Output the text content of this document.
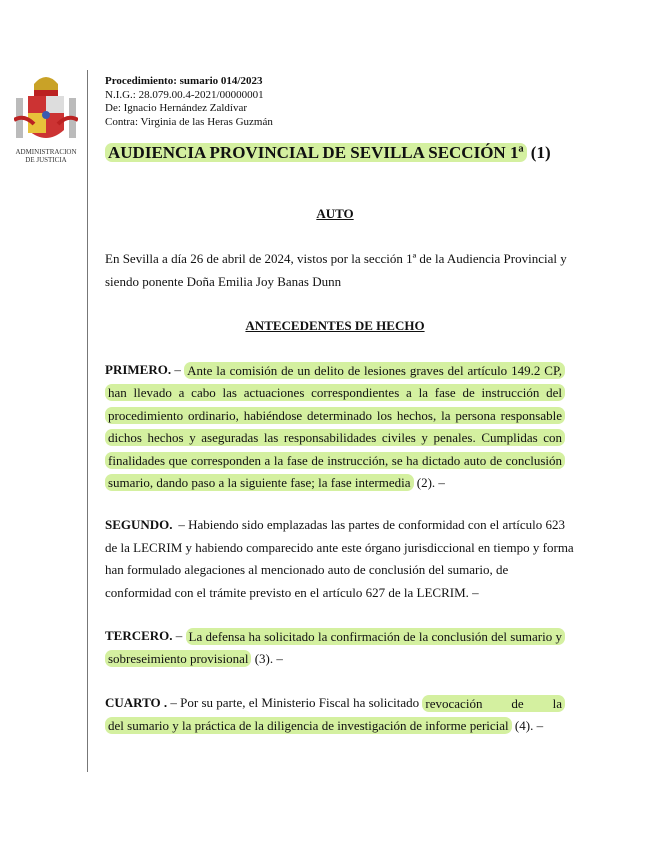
ADMINISTRACION
DE JUSTICIA
Procedimiento: sumario 014/2023
N.I.G.: 28.079.00.4-2021/00000001
De: Ignacio Hernández Zaldívar
Contra: Virginia de las Heras Guzmán
AUDIENCIA PROVINCIAL DE SEVILLA SECCIÓN 1ª (1)
AUTO
En Sevilla a día 26 de abril de 2024, vistos por la sección 1ª de la Audiencia Provincial y
siendo ponente Doña Emilia Joy Banas Dunn
ANTECEDENTES DE HECHO
PRIMERO. – Ante la comisión de un delito de lesiones graves del artículo 149.2 CP,
han llevado a cabo las actuaciones correspondientes a la fase de instrucción del
procedimiento ordinario, habiéndose determinado los hechos, la persona responsable
dichos hechos y aseguradas las responsabilidades civiles y penales. Cumplidas con
finalidades que corresponden a la fase de instrucción, se ha dictado auto de conclusión
sumario, dando paso a la siguiente fase; la fase intermedia (2). –
SEGUNDO. – Habiendo sido emplazadas las partes de conformidad con el artículo 623
de la LECRIM y habiendo comparecido ante este órgano jurisdiccional en tiempo y forma
han formulado alegaciones al mencionado auto de conclusión del sumario, de
conformidad con el trámite previsto en el artículo 627 de la LECRIM. –
TERCERO. – La defensa ha solicitado la confirmación de la conclusión del sumario y
sobreseimiento provisional (3). –
CUARTO . – Por su parte, el Ministerio Fiscal ha solicitado revocación de la
del sumario y la práctica de la diligencia de investigación de informe pericial (4). –
